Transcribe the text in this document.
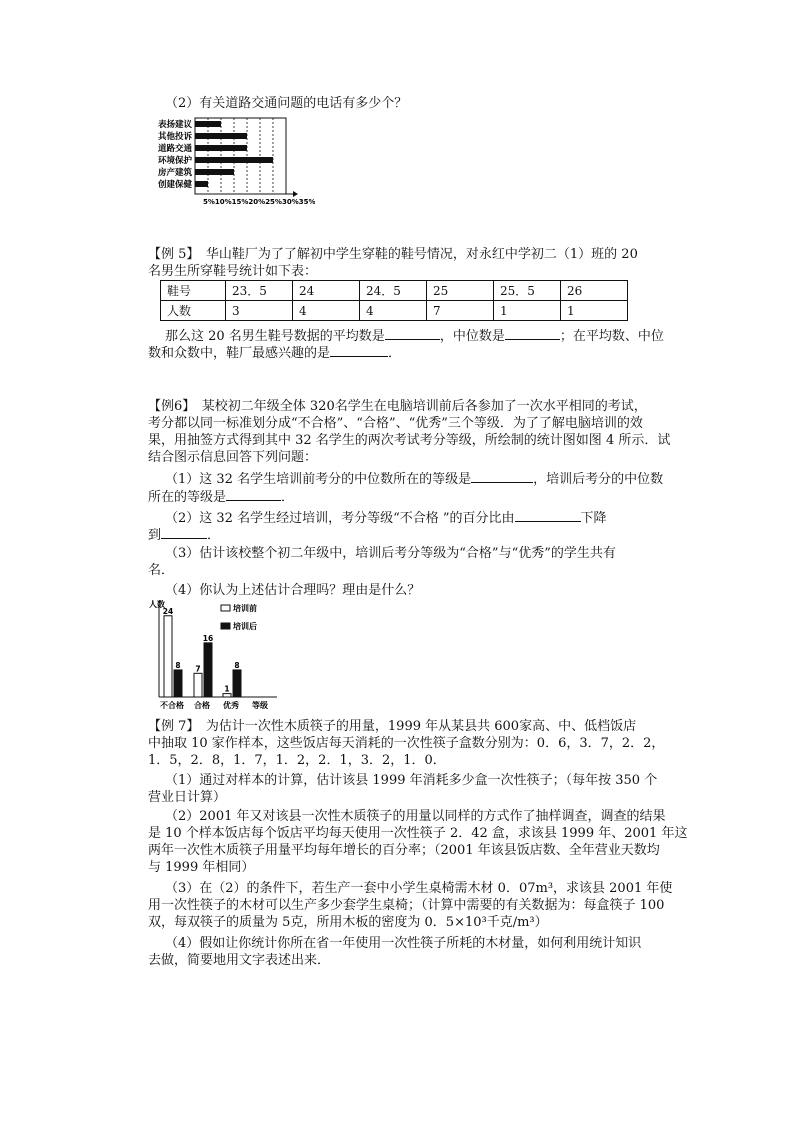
（2）有关道路交通问题的电话有多少个？
表扬建议
其他投诉
道路交通
环境保护
房产建筑
创建保健
5%10%15%20%25%30%35%
【例 5】　华山鞋厂为了了解初中学生穿鞋的鞋号情况，对永红中学初二（1）班的 20
名男生所穿鞋号统计如下表：
鞋号	23．5	24	24．5	25	25．5	26
人数	3	4	4	7	1	1
那么这 20 名男生鞋号数据的平均数是	，中位数是	；在平均数、中位
数和众数中，鞋厂最感兴趣的是	．
【例6】　某校初二年级全体 320名学生在电脑培训前后各参加了一次水平相同的考试，
考分都以同一标准划分成“不合格”、“合格”、“优秀”三个等级．为了了解电脑培训的效
果，用抽签方式得到其中 32 名学生的两次考试考分等级，所绘制的统计图如图 4 所示．试
结合图示信息回答下列问题：
（1）这 32 名学生培训前考分的中位数所在的等级是	，培训后考分的中位数
所在的等级是	．
（2）这 32 名学生经过培训，考分等级“不合格 ”的百分比由	下降
到	．
（3）估计该校整个初二年级中，培训后考分等级为“合格”与“优秀”的学生共有
名．
（4）你认为上述估计合理吗？理由是什么？
人数
等级
24
8
不合格
7
16
合格
1
8
优秀
培训前
培训后
【例 7】　为估计一次性木质筷子的用量，1999 年从某县共 600家高、中、低档饭店
中抽取 10 家作样本，这些饭店每天消耗的一次性筷子盒数分别为：0．6，3．7，2．2，
1．5，2．8，1．7，1．2，2．1，3．2，1．0．
（1）通过对样本的计算，估计该县 1999 年消耗多少盒一次性筷子；（每年按 350 个
营业日计算）
（2）2001 年又对该县一次性木质筷子的用量以同样的方式作了抽样调查，调查的结果
是 10 个样本饭店每个饭店平均每天使用一次性筷子 2．42 盒，求该县 1999 年、2001 年这
两年一次性木质筷子用量平均每年增长的百分率；（2001 年该县饭店数、全年营业天数均
与 1999 年相同）
（3）在（2）的条件下，若生产一套中小学生桌椅需木材 0．07m³，求该县 2001 年使
用一次性筷子的木材可以生产多少套学生桌椅；（计算中需要的有关数据为：每盒筷子 100
双，每双筷子的质量为 5克，所用木板的密度为 0．5×10³千克/m³）
（4）假如让你统计你所在省一年使用一次性筷子所耗的木材量，如何利用统计知识
去做，简要地用文字表述出来．
